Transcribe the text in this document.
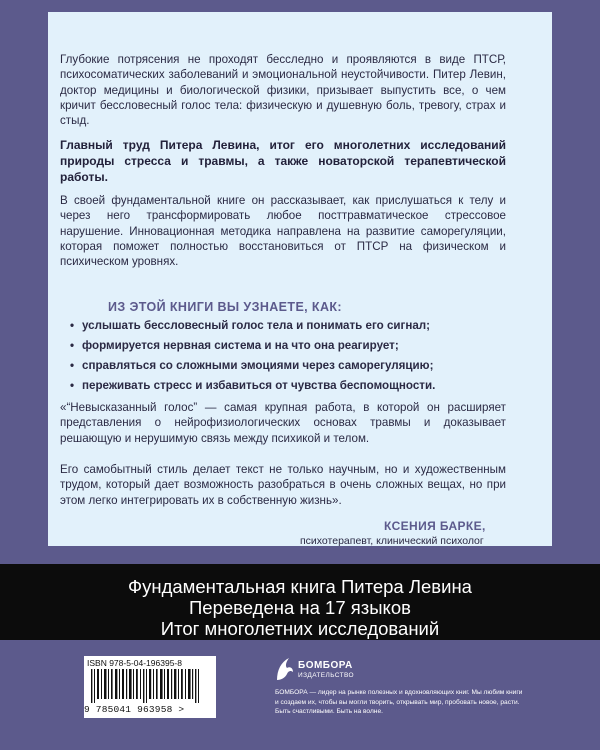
Глубокие потрясения не проходят бесследно и проявляются в виде ПТСР, психосоматических заболеваний и эмоциональной неустойчивости. Питер Левин, доктор медицины и биологической физики, призывает выпустить все, о чем кричит бессловесный голос тела: физическую и душевную боль, тревогу, страх и стыд.

Главный труд Питера Левина, итог его многолетних исследований природы стресса и травмы, а также новаторской терапевтической работы.

В своей фундаментальной книге он рассказывает, как прислушаться к телу и через него трансформировать любое посттравматическое стрессовое нарушение. Инновационная методика направлена на развитие саморегуляции, которая поможет полностью восстановиться от ПТСР на физическом и психическом уровнях.

ИЗ ЭТОЙ КНИГИ ВЫ УЗНАЕТЕ, КАК:
• услышать бессловесный голос тела и понимать его сигнал;
• формируется нервная система и на что она реагирует;
• справляться со сложными эмоциями через саморегуляцию;
• переживать стресс и избавиться от чувства беспомощности.

«“Невысказанный голос” — самая крупная работа, в которой он расширяет представления о нейрофизиологических основах травмы и доказывает решающую и нерушимую связь между психикой и телом.

Его самобытный стиль делает текст не только научным, но и художественным трудом, который дает возможность разобраться в очень сложных вещах, но при этом легко интегрировать их в собственную жизнь».

КСЕНИЯ БАРКЕ,
психотерапевт, клинический психолог

Фундаментальная книга Питера Левина

Переведена на 17 языков

Итог многолетних исследований

ISBN 978-5-04-196395-8
9 785041 963958 >
БОМБОРА
ИЗДАТЕЛЬСТВО

БОМБОРА — лидер на рынке полезных и вдохновляющих книг. Мы любим книги и создаем их, чтобы вы могли творить, открывать мир, пробовать новое, расти. Быть счастливыми. Быть на волне.
